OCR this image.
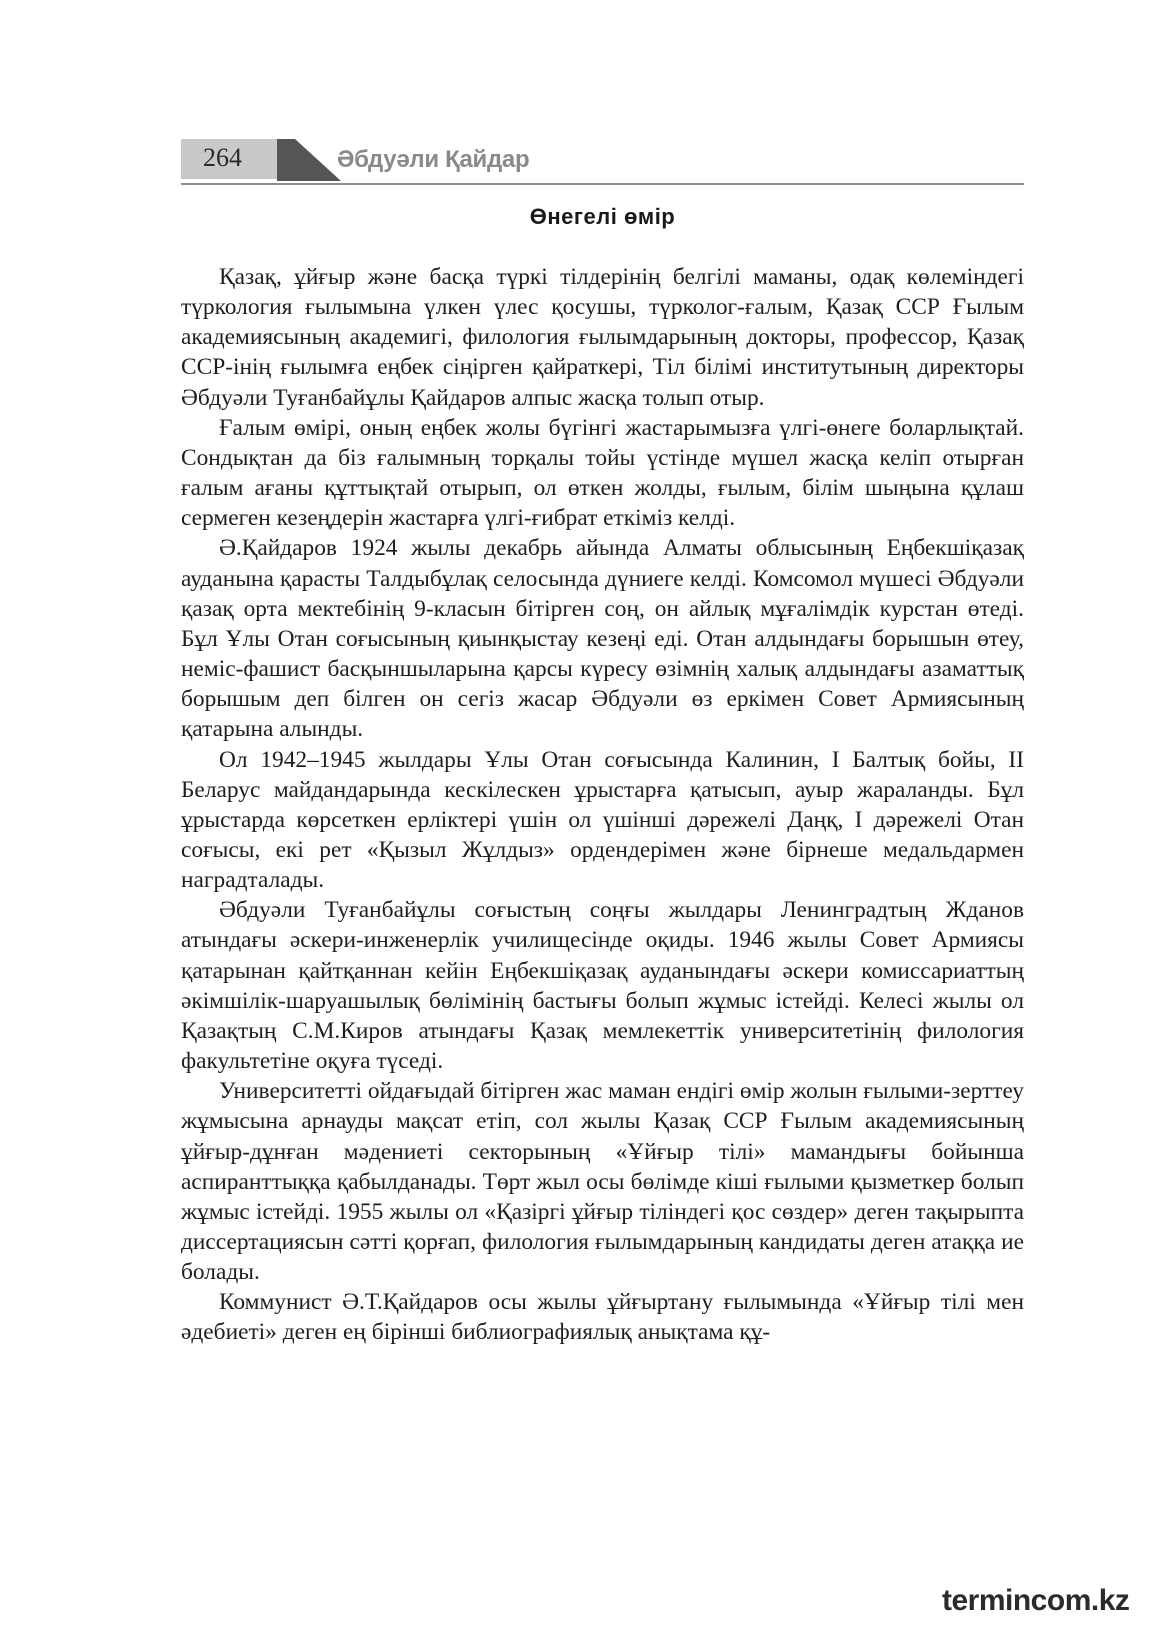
264	Әбдуәли Қайдар
Өнегелі өмір

Қазақ, ұйғыр және басқа түркі тілдерінің белгілі маманы, одақ көлеміндегі түркология ғылымына үлкен үлес қосушы, түрколог-ғалым, Қазақ ССР Ғылым академиясының академигі, филология ғылымдарының докторы, профессор, Қазақ ССР-інің ғылымға еңбек сіңірген қайраткері, Тіл білімі институтының директоры Әбдуәли Туғанбайұлы Қайдаров алпыс жасқа толып отыр.

Ғалым өмірі, оның еңбек жолы бүгінгі жастарымызға үлгі-өнеге боларлықтай. Сондықтан да біз ғалымның торқалы тойы үстінде мүшел жасқа келіп отырған ғалым ағаны құттықтай отырып, ол өткен жолды, ғылым, білім шыңына құлаш сермеген кезеңдерін жастарға үлгі-ғибрат еткіміз келді.

Ә.Қайдаров 1924 жылы декабрь айында Алматы облысының Еңбекшіқазақ ауданына қарасты Талдыбұлақ селосында дүниеге келді. Комсомол мүшесі Әбдуәли қазақ орта мектебінің 9-класын бітірген соң, он айлық мұғалімдік курстан өтеді. Бұл Ұлы Отан соғысының қиынқыстау кезеңі еді. Отан алдындағы борышын өтеу, неміс-фашист басқыншыларына қарсы күресу өзімнің халық алдындағы азаматтық борышым деп білген он сегіз жасар Әбдуәли өз еркімен Совет Армиясының қатарына алынды.

Ол 1942–1945 жылдары Ұлы Отан соғысында Калинин, I Балтық бойы, II Беларус майдандарында кескілескен ұрыстарға қатысып, ауыр жараланды. Бұл ұрыстарда көрсеткен ерліктері үшін ол үшінші дәрежелі Даңқ, I дәрежелі Отан соғысы, екі рет «Қызыл Жұлдыз» ордендерімен және бірнеше медальдармен наградталады.

Әбдуәли Туғанбайұлы соғыстың соңғы жылдары Ленинградтың Жданов атындағы әскери-инженерлік училищесінде оқиды. 1946 жылы Совет Армиясы қатарынан қайтқаннан кейін Еңбекшіқазақ ауданындағы әскери комиссариаттың әкімшілік-шаруашылық бөлімінің бастығы болып жұмыс істейді. Келесі жылы ол Қазақтың С.М.Киров атындағы Қазақ мемлекеттік университетінің филология факультетіне оқуға түседі.

Университетті ойдағыдай бітірген жас маман ендігі өмір жолын ғылыми-зерттеу жұмысына арнауды мақсат етіп, сол жылы Қазақ ССР Ғылым академиясының ұйғыр-дұнған мәдениеті секторының «Ұйғыр тілі» мамандығы бойынша аспиранттыққа қабылданады. Төрт жыл осы бөлімде кіші ғылыми қызметкер болып жұмыс істейді. 1955 жылы ол «Қазіргі ұйғыр тіліндегі қос сөздер» деген тақырыпта диссертациясын сәтті қорғап, филология ғылымдарының кандидаты деген атаққа ие болады.

Коммунист Ә.Т.Қайдаров осы жылы ұйғыртану ғылымында «Ұйғыр тілі мен әдебиеті» деген ең бірінші библиографиялық анықтама құ-

termincom.kz
